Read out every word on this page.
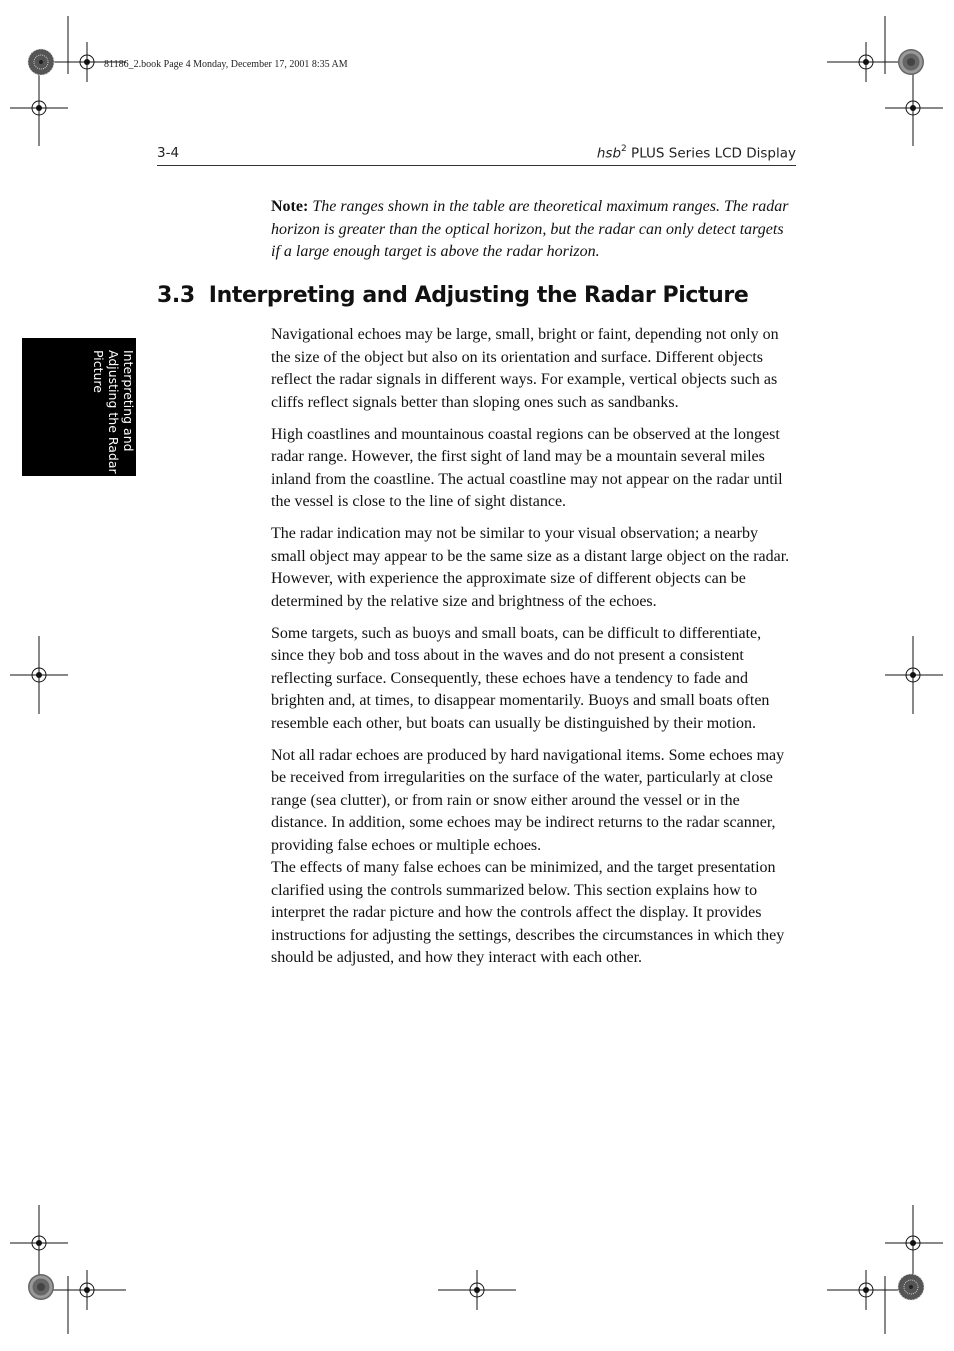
81186_2.book Page 4 Monday, December 17, 2001 8:35 AM
3-4	hsb$^2$ PLUS Series LCD Display
Interpreting and
Adjusting the Radar
Picture

Note: The ranges shown in the table are theoretical maximum ranges. The radar horizon is greater than the optical horizon, but the radar can only detect targets if a large enough target is above the radar horizon.

3.3 Interpreting and Adjusting the Radar Picture

Navigational echoes may be large, small, bright or faint, depending not only on the size of the object but also on its orientation and surface. Different objects reflect the radar signals in different ways. For example, vertical objects such as cliffs reflect signals better than sloping ones such as sandbanks.

High coastlines and mountainous coastal regions can be observed at the longest radar range. However, the first sight of land may be a mountain several miles inland from the coastline. The actual coastline may not appear on the radar until the vessel is close to the line of sight distance.

The radar indication may not be similar to your visual observation; a nearby small object may appear to be the same size as a distant large object on the radar. However, with experience the approximate size of different objects can be determined by the relative size and brightness of the echoes.

Some targets, such as buoys and small boats, can be difficult to differentiate, since they bob and toss about in the waves and do not present a consistent reflecting surface. Consequently, these echoes have a tendency to fade and brighten and, at times, to disappear momentarily. Buoys and small boats often resemble each other, but boats can usually be distinguished by their motion.

Not all radar echoes are produced by hard navigational items. Some echoes may be received from irregularities on the surface of the water, particularly at close range (sea clutter), or from rain or snow either around the vessel or in the distance. In addition, some echoes may be indirect returns to the radar scanner, providing false echoes or multiple echoes.

The effects of many false echoes can be minimized, and the target presentation clarified using the controls summarized below. This section explains how to interpret the radar picture and how the controls affect the display. It provides instructions for adjusting the settings, describes the circumstances in which they should be adjusted, and how they interact with each other.
